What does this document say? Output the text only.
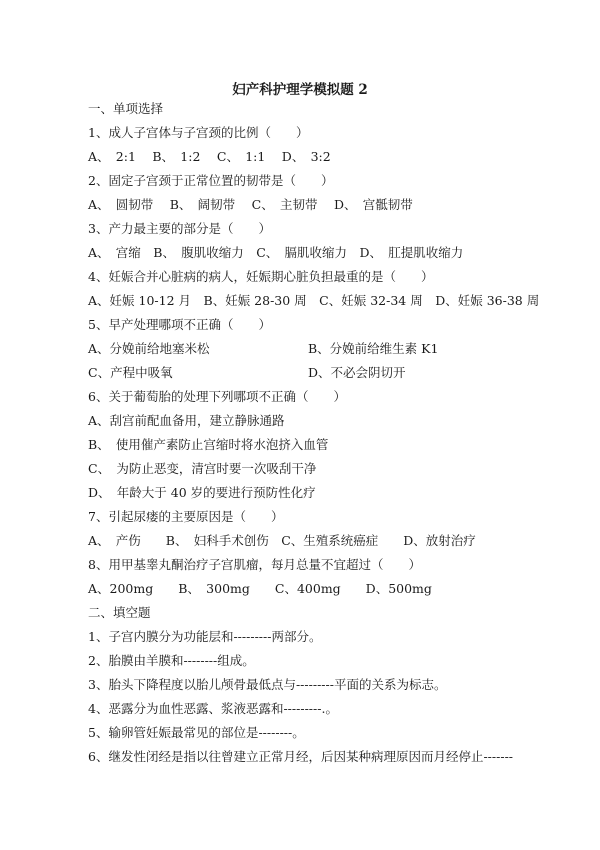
妇产科护理学模拟题 2
一、单项选择
1、成人子宫体与子宫颈的比例（　　）
A、　2:1　 B、　1:2　 C、　1:1　 D、　3:2
2、固定子宫颈于正常位置的韧带是（　　）
A、　圆韧带　 B、　阔韧带　 C、　主韧带　 D、　宫骶韧带
3、产力最主要的部分是（　　）
A、　宫缩　B、　腹肌收缩力　C、　膈肌收缩力　D、　肛提肌收缩力
4、妊娠合并心脏病的病人，妊娠期心脏负担最重的是（　　）
A、妊娠 10-12 月　B、妊娠 28-30 周　C、妊娠 32-34 周　D、妊娠 36-38 周
5、早产处理哪项不正确（　　）
A、分娩前给地塞米松	B、分娩前给维生素 K1
C、产程中吸氧	D、不必会阴切开
6、关于葡萄胎的处理下列哪项不正确（　　）
A、刮宫前配血备用，建立静脉通路
B、　使用催产素防止宫缩时将水泡挤入血管
C、　为防止恶变，清宫时要一次吸刮干净
D、　年龄大于 40 岁的要进行预防性化疗
7、引起尿瘘的主要原因是（　　）
A、　产伤　　B、　妇科手术创伤　C、生殖系统癌症　　D、放射治疗
8、用甲基睾丸酮治疗子宫肌瘤，每月总量不宜超过（　　）
A、200mg　　B、　300mg　　C、400mg　　D、500mg
二、填空题
1、子宫内膜分为功能层和---------两部分。
2、胎膜由羊膜和--------组成。
3、胎头下降程度以胎儿颅骨最低点与---------平面的关系为标志。
4、恶露分为血性恶露、浆液恶露和---------.。
5、输卵管妊娠最常见的部位是--------。
6、继发性闭经是指以往曾建立正常月经，后因某种病理原因而月经停止-------
